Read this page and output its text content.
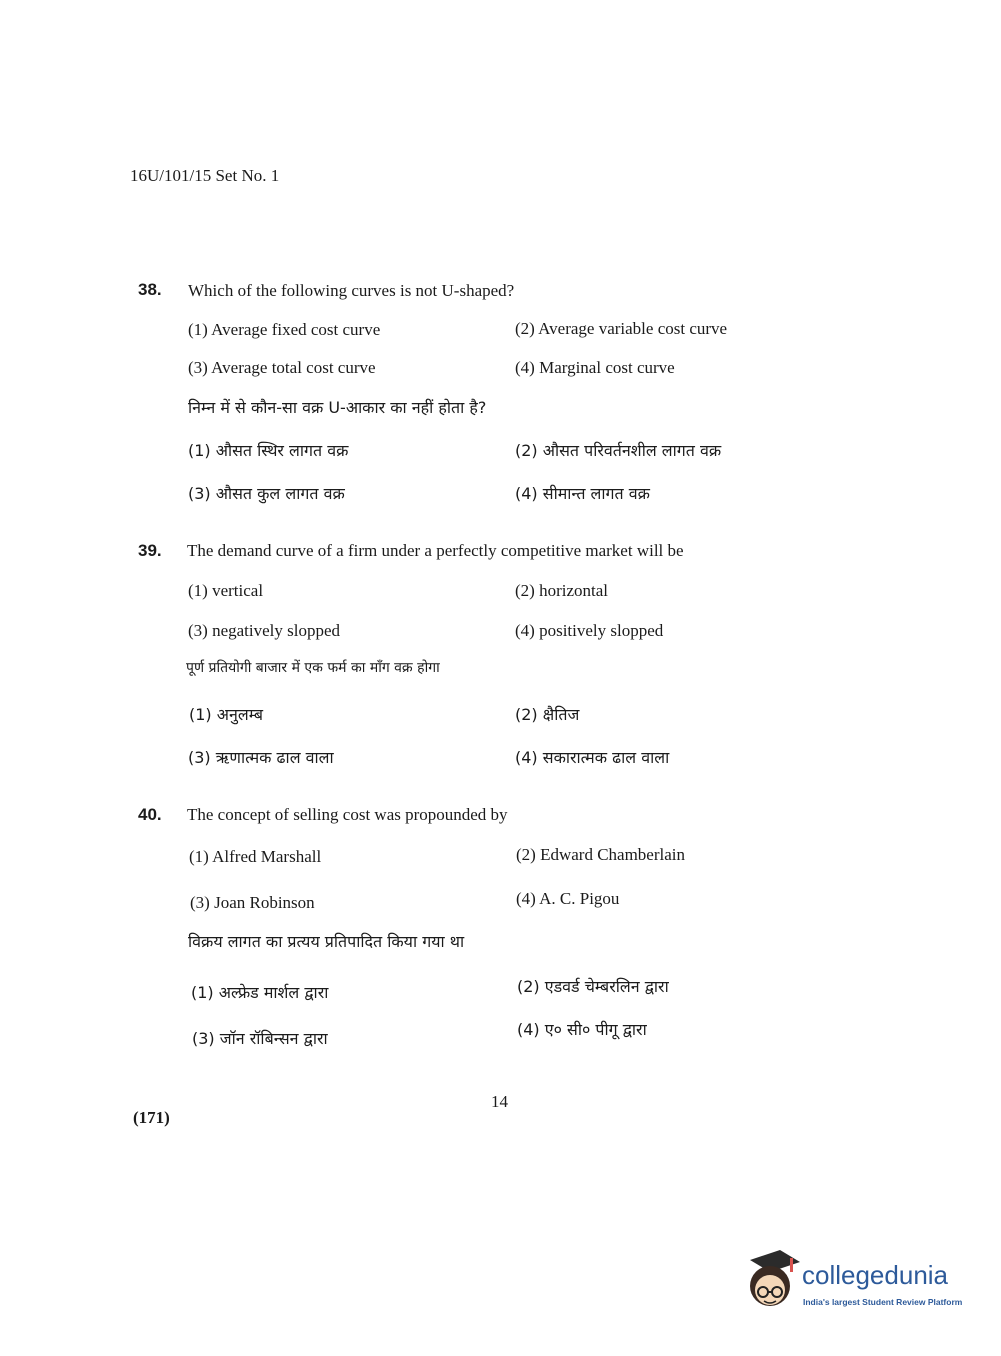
16U/101/15 Set No. 1
38. Which of the following curves is not U-shaped?
(1) Average fixed cost curve	(2) Average variable cost curve
(3) Average total cost curve	(4) Marginal cost curve
निम्न में से कौन-सा वक्र U-आकार का नहीं होता है?
(1) औसत स्थिर लागत वक्र	(2) औसत परिवर्तनशील लागत वक्र
(3) औसत कुल लागत वक्र	(4) सीमान्त लागत वक्र
39. The demand curve of a firm under a perfectly competitive market will be
(1) vertical	(2) horizontal
(3) negatively slopped	(4) positively slopped
पूर्ण प्रतियोगी बाजार में एक फर्म का माँग वक्र होगा
(1) अनुलम्ब	(2) क्षैतिज
(3) ऋणात्मक ढाल वाला	(4) सकारात्मक ढाल वाला
40. The concept of selling cost was propounded by
(1) Alfred Marshall	(2) Edward Chamberlain
(3) Joan Robinson	(4) A. C. Pigou
विक्रय लागत का प्रत्यय प्रतिपादित किया गया था
(1) अल्फ्रेड मार्शल द्वारा	(2) एडवर्ड चेम्बरलिन द्वारा
(3) जॉन रॉबिन्सन द्वारा	(4) ए० सी० पीगू द्वारा
14
(171)
collegedunia
India's largest Student Review Platform
